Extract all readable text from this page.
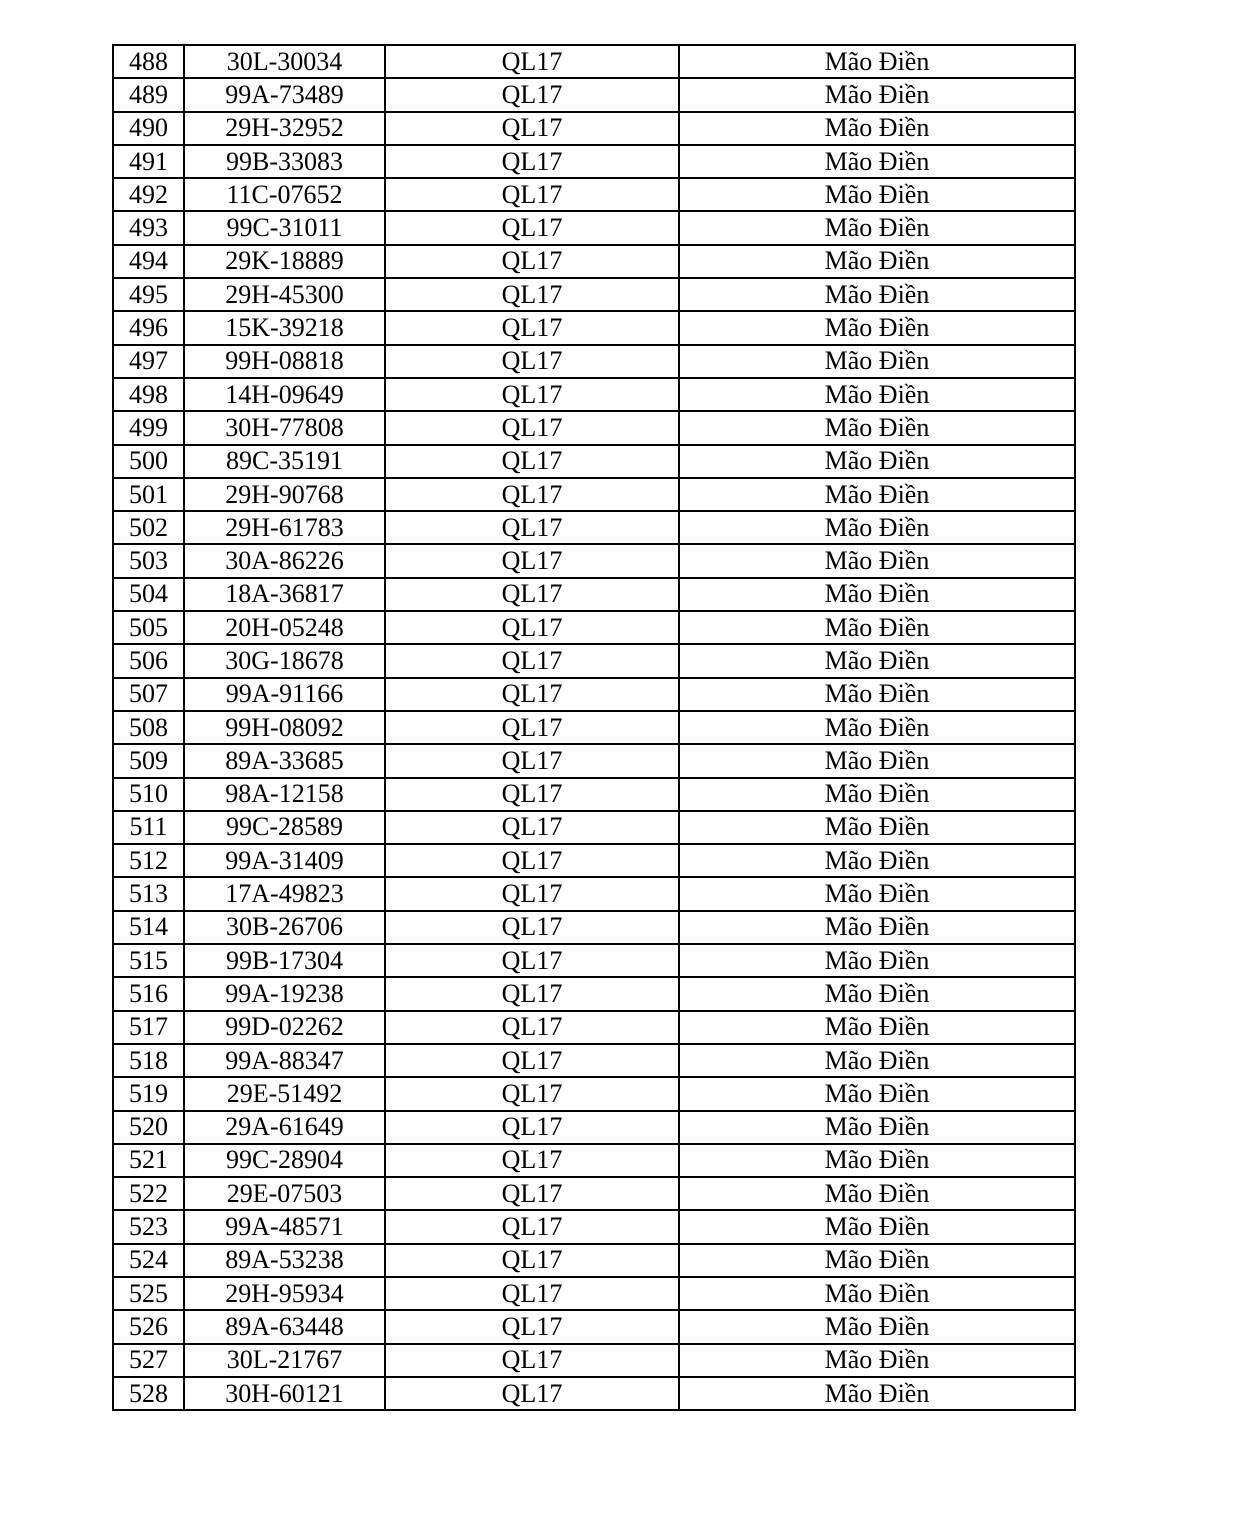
488	30L-30034	QL17	Mão Điền
489	99A-73489	QL17	Mão Điền
490	29H-32952	QL17	Mão Điền
491	99B-33083	QL17	Mão Điền
492	11C-07652	QL17	Mão Điền
493	99C-31011	QL17	Mão Điền
494	29K-18889	QL17	Mão Điền
495	29H-45300	QL17	Mão Điền
496	15K-39218	QL17	Mão Điền
497	99H-08818	QL17	Mão Điền
498	14H-09649	QL17	Mão Điền
499	30H-77808	QL17	Mão Điền
500	89C-35191	QL17	Mão Điền
501	29H-90768	QL17	Mão Điền
502	29H-61783	QL17	Mão Điền
503	30A-86226	QL17	Mão Điền
504	18A-36817	QL17	Mão Điền
505	20H-05248	QL17	Mão Điền
506	30G-18678	QL17	Mão Điền
507	99A-91166	QL17	Mão Điền
508	99H-08092	QL17	Mão Điền
509	89A-33685	QL17	Mão Điền
510	98A-12158	QL17	Mão Điền
511	99C-28589	QL17	Mão Điền
512	99A-31409	QL17	Mão Điền
513	17A-49823	QL17	Mão Điền
514	30B-26706	QL17	Mão Điền
515	99B-17304	QL17	Mão Điền
516	99A-19238	QL17	Mão Điền
517	99D-02262	QL17	Mão Điền
518	99A-88347	QL17	Mão Điền
519	29E-51492	QL17	Mão Điền
520	29A-61649	QL17	Mão Điền
521	99C-28904	QL17	Mão Điền
522	29E-07503	QL17	Mão Điền
523	99A-48571	QL17	Mão Điền
524	89A-53238	QL17	Mão Điền
525	29H-95934	QL17	Mão Điền
526	89A-63448	QL17	Mão Điền
527	30L-21767	QL17	Mão Điền
528	30H-60121	QL17	Mão Điền
